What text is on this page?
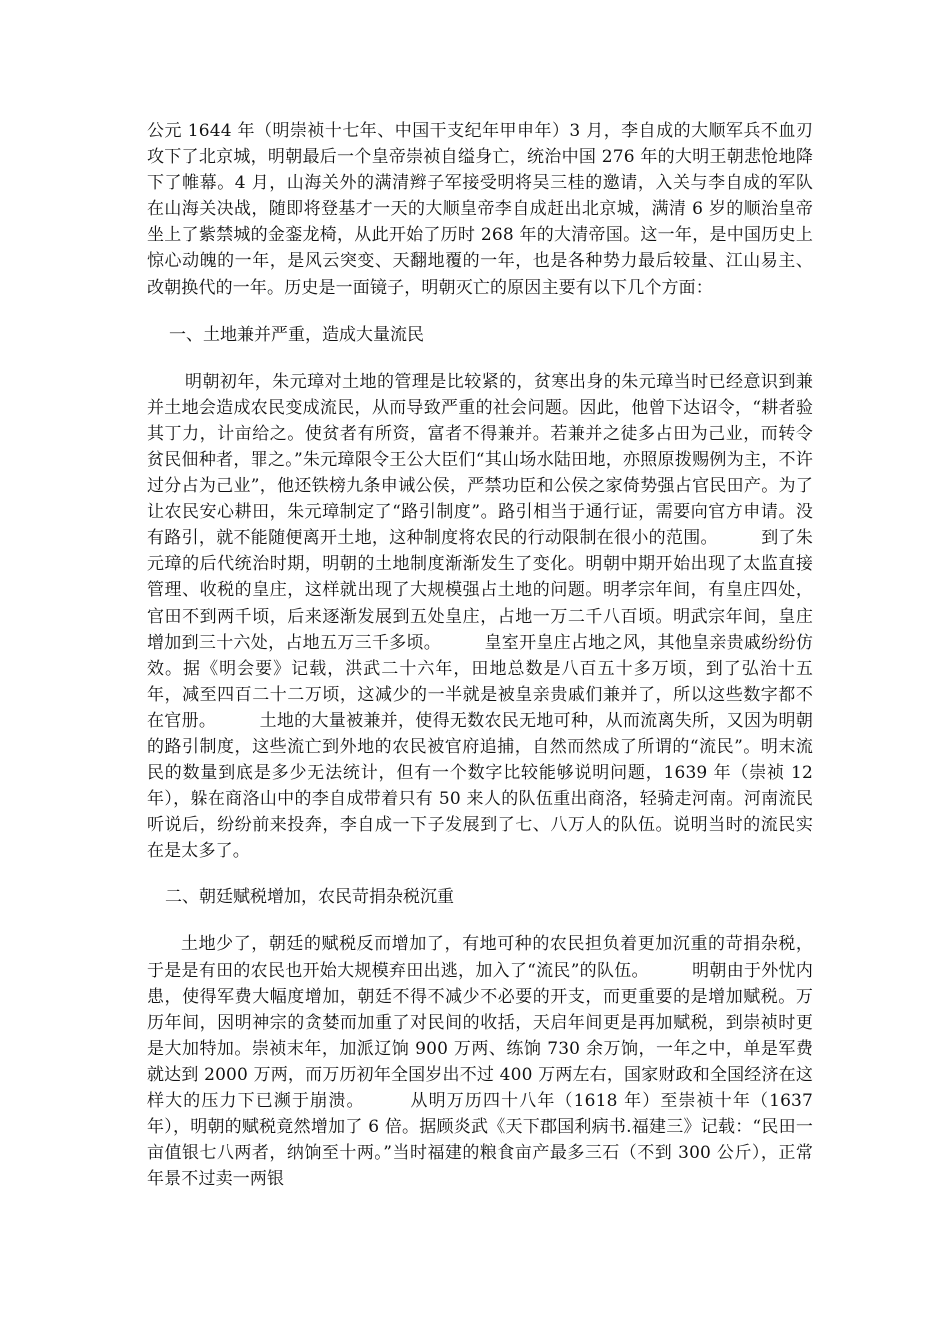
公元 1644 年（明崇祯十七年、中国干支纪年甲申年）3 月，李自成的大顺军兵不血刃攻下了北京城，明朝最后一个皇帝崇祯自缢身亡，统治中国 276 年的大明王朝悲怆地降下了帷幕。4 月，山海关外的满清辫子军接受明将吴三桂的邀请，入关与李自成的军队在山海关决战，随即将登基才一天的大顺皇帝李自成赶出北京城，满清 6 岁的顺治皇帝坐上了紫禁城的金銮龙椅，从此开始了历时 268 年的大清帝国。这一年，是中国历史上惊心动魄的一年，是风云突变、天翻地覆的一年，也是各种势力最后较量、江山易主、改朝换代的一年。历史是一面镜子，明朝灭亡的原因主要有以下几个方面：

一、土地兼并严重，造成大量流民

明朝初年，朱元璋对土地的管理是比较紧的，贫寒出身的朱元璋当时已经意识到兼并土地会造成农民变成流民，从而导致严重的社会问题。因此，他曾下达诏令，“耕者验其丁力，计亩给之。使贫者有所资，富者不得兼并。若兼并之徒多占田为己业，而转令贫民佃种者，罪之。”朱元璋限令王公大臣们“其山场水陆田地，亦照原拨赐例为主，不许过分占为己业”，他还铁榜九条申诫公侯，严禁功臣和公侯之家倚势强占官民田产。为了让农民安心耕田，朱元璋制定了“路引制度”。路引相当于通行证，需要向官方申请。没有路引，就不能随便离开土地，这种制度将农民的行动限制在很小的范围。　　　到了朱元璋的后代统治时期，明朝的土地制度渐渐发生了变化。明朝中期开始出现了太监直接管理、收税的皇庄，这样就出现了大规模强占土地的问题。明孝宗年间，有皇庄四处，官田不到两千顷，后来逐渐发展到五处皇庄，占地一万二千八百顷。明武宗年间，皇庄增加到三十六处，占地五万三千多顷。　　　皇室开皇庄占地之风，其他皇亲贵戚纷纷仿效。据《明会要》记载，洪武二十六年，田地总数是八百五十多万顷，到了弘治十五年，减至四百二十二万顷，这减少的一半就是被皇亲贵戚们兼并了，所以这些数字都不在官册。　　　土地的大量被兼并，使得无数农民无地可种，从而流离失所，又因为明朝的路引制度，这些流亡到外地的农民被官府追捕，自然而然成了所谓的“流民”。明末流民的数量到底是多少无法统计，但有一个数字比较能够说明问题，1639 年（崇祯 12 年），躲在商洛山中的李自成带着只有 50 来人的队伍重出商洛，轻骑走河南。河南流民听说后，纷纷前来投奔，李自成一下子发展到了七、八万人的队伍。说明当时的流民实在是太多了。

二、朝廷赋税增加，农民苛捐杂税沉重

土地少了，朝廷的赋税反而增加了，有地可种的农民担负着更加沉重的苛捐杂税，于是是有田的农民也开始大规模弃田出逃，加入了“流民”的队伍。　　　明朝由于外忧内患，使得军费大幅度增加，朝廷不得不减少不必要的开支，而更重要的是增加赋税。万历年间，因明神宗的贪婪而加重了对民间的收括，天启年间更是再加赋税，到崇祯时更是大加特加。崇祯末年，加派辽饷 900 万两、练饷 730 余万饷，一年之中，单是军费就达到 2000 万两，而万历初年全国岁出不过 400 万两左右，国家财政和全国经济在这样大的压力下已濒于崩溃。　　　从明万历四十八年（1618 年）至崇祯十年（1637 年），明朝的赋税竟然增加了 6 倍。据顾炎武《天下郡国利病书.福建三》记载：“民田一亩值银七八两者，纳饷至十两。”当时福建的粮食亩产最多三石（不到 300 公斤），正常年景不过卖一两银
